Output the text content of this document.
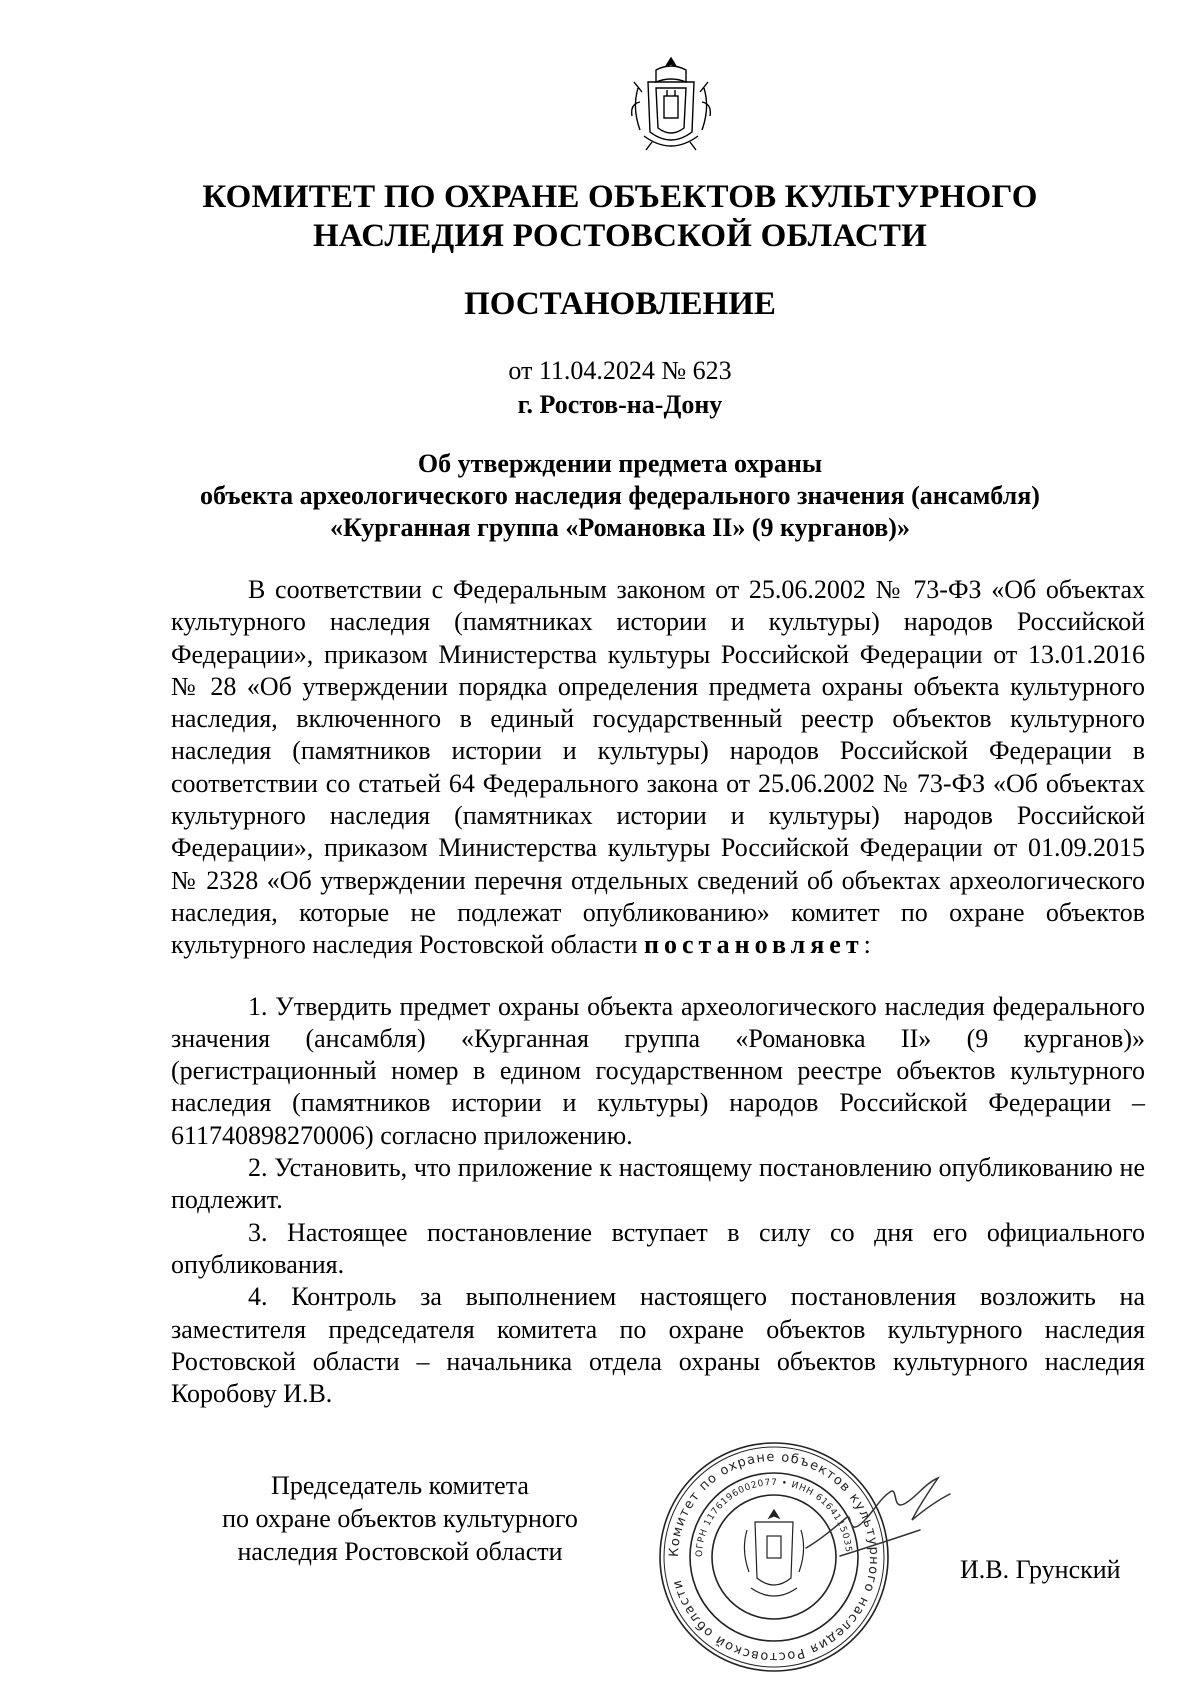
КОМИТЕТ ПО ОХРАНЕ ОБЪЕКТОВ КУЛЬТУРНОГО
НАСЛЕДИЯ РОСТОВСКОЙ ОБЛАСТИ
ПОСТАНОВЛЕНИЕ
от 11.04.2024 № 623
г. Ростов-на-Дону
Об утверждении предмета охраны
объекта археологического наследия федерального значения (ансамбля)
«Курганная группа «Романовка II» (9 курганов)»

В соответствии с Федеральным законом от 25.06.2002 № 73-ФЗ «Об объектах культурного наследия (памятниках истории и культуры) народов Российской Федерации», приказом Министерства культуры Российской Федерации от 13.01.2016 № 28 «Об утверждении порядка определения предмета охраны объекта культурного наследия, включенного в единый государственный реестр объектов культурного наследия (памятников истории и культуры) народов Российской Федерации в соответствии со статьей 64 Федерального закона от 25.06.2002 № 73-ФЗ «Об объектах культурного наследия (памятниках истории и культуры) народов Российской Федерации», приказом Министерства культуры Российской Федерации от 01.09.2015 № 2328 «Об утверждении перечня отдельных сведений об объектах археологического наследия, которые не подлежат опубликованию» комитет по охране объектов культурного наследия Ростовской области постановляет:

1. Утвердить предмет охраны объекта археологического наследия федерального значения (ансамбля) «Курганная группа «Романовка II» (9 курганов)» (регистрационный номер в едином государственном реестре объектов культурного наследия (памятников истории и культуры) народов Российской Федерации – 611740898270006) согласно приложению.

2. Установить, что приложение к настоящему постановлению опубликованию не подлежит.

3. Настоящее постановление вступает в силу со дня его официального опубликования.

4. Контроль за выполнением настоящего постановления возложить на заместителя председателя комитета по охране объектов культурного наследия Ростовской области – начальника отдела охраны объектов культурного наследия Коробову И.В.

Председатель комитета
по охране объектов культурного
наследия Ростовской области	Комитет по охране объектов культурного наследия Ростовской области
ОГРН 1176196002077 • ИНН 6164115035
И.В. Грунский
